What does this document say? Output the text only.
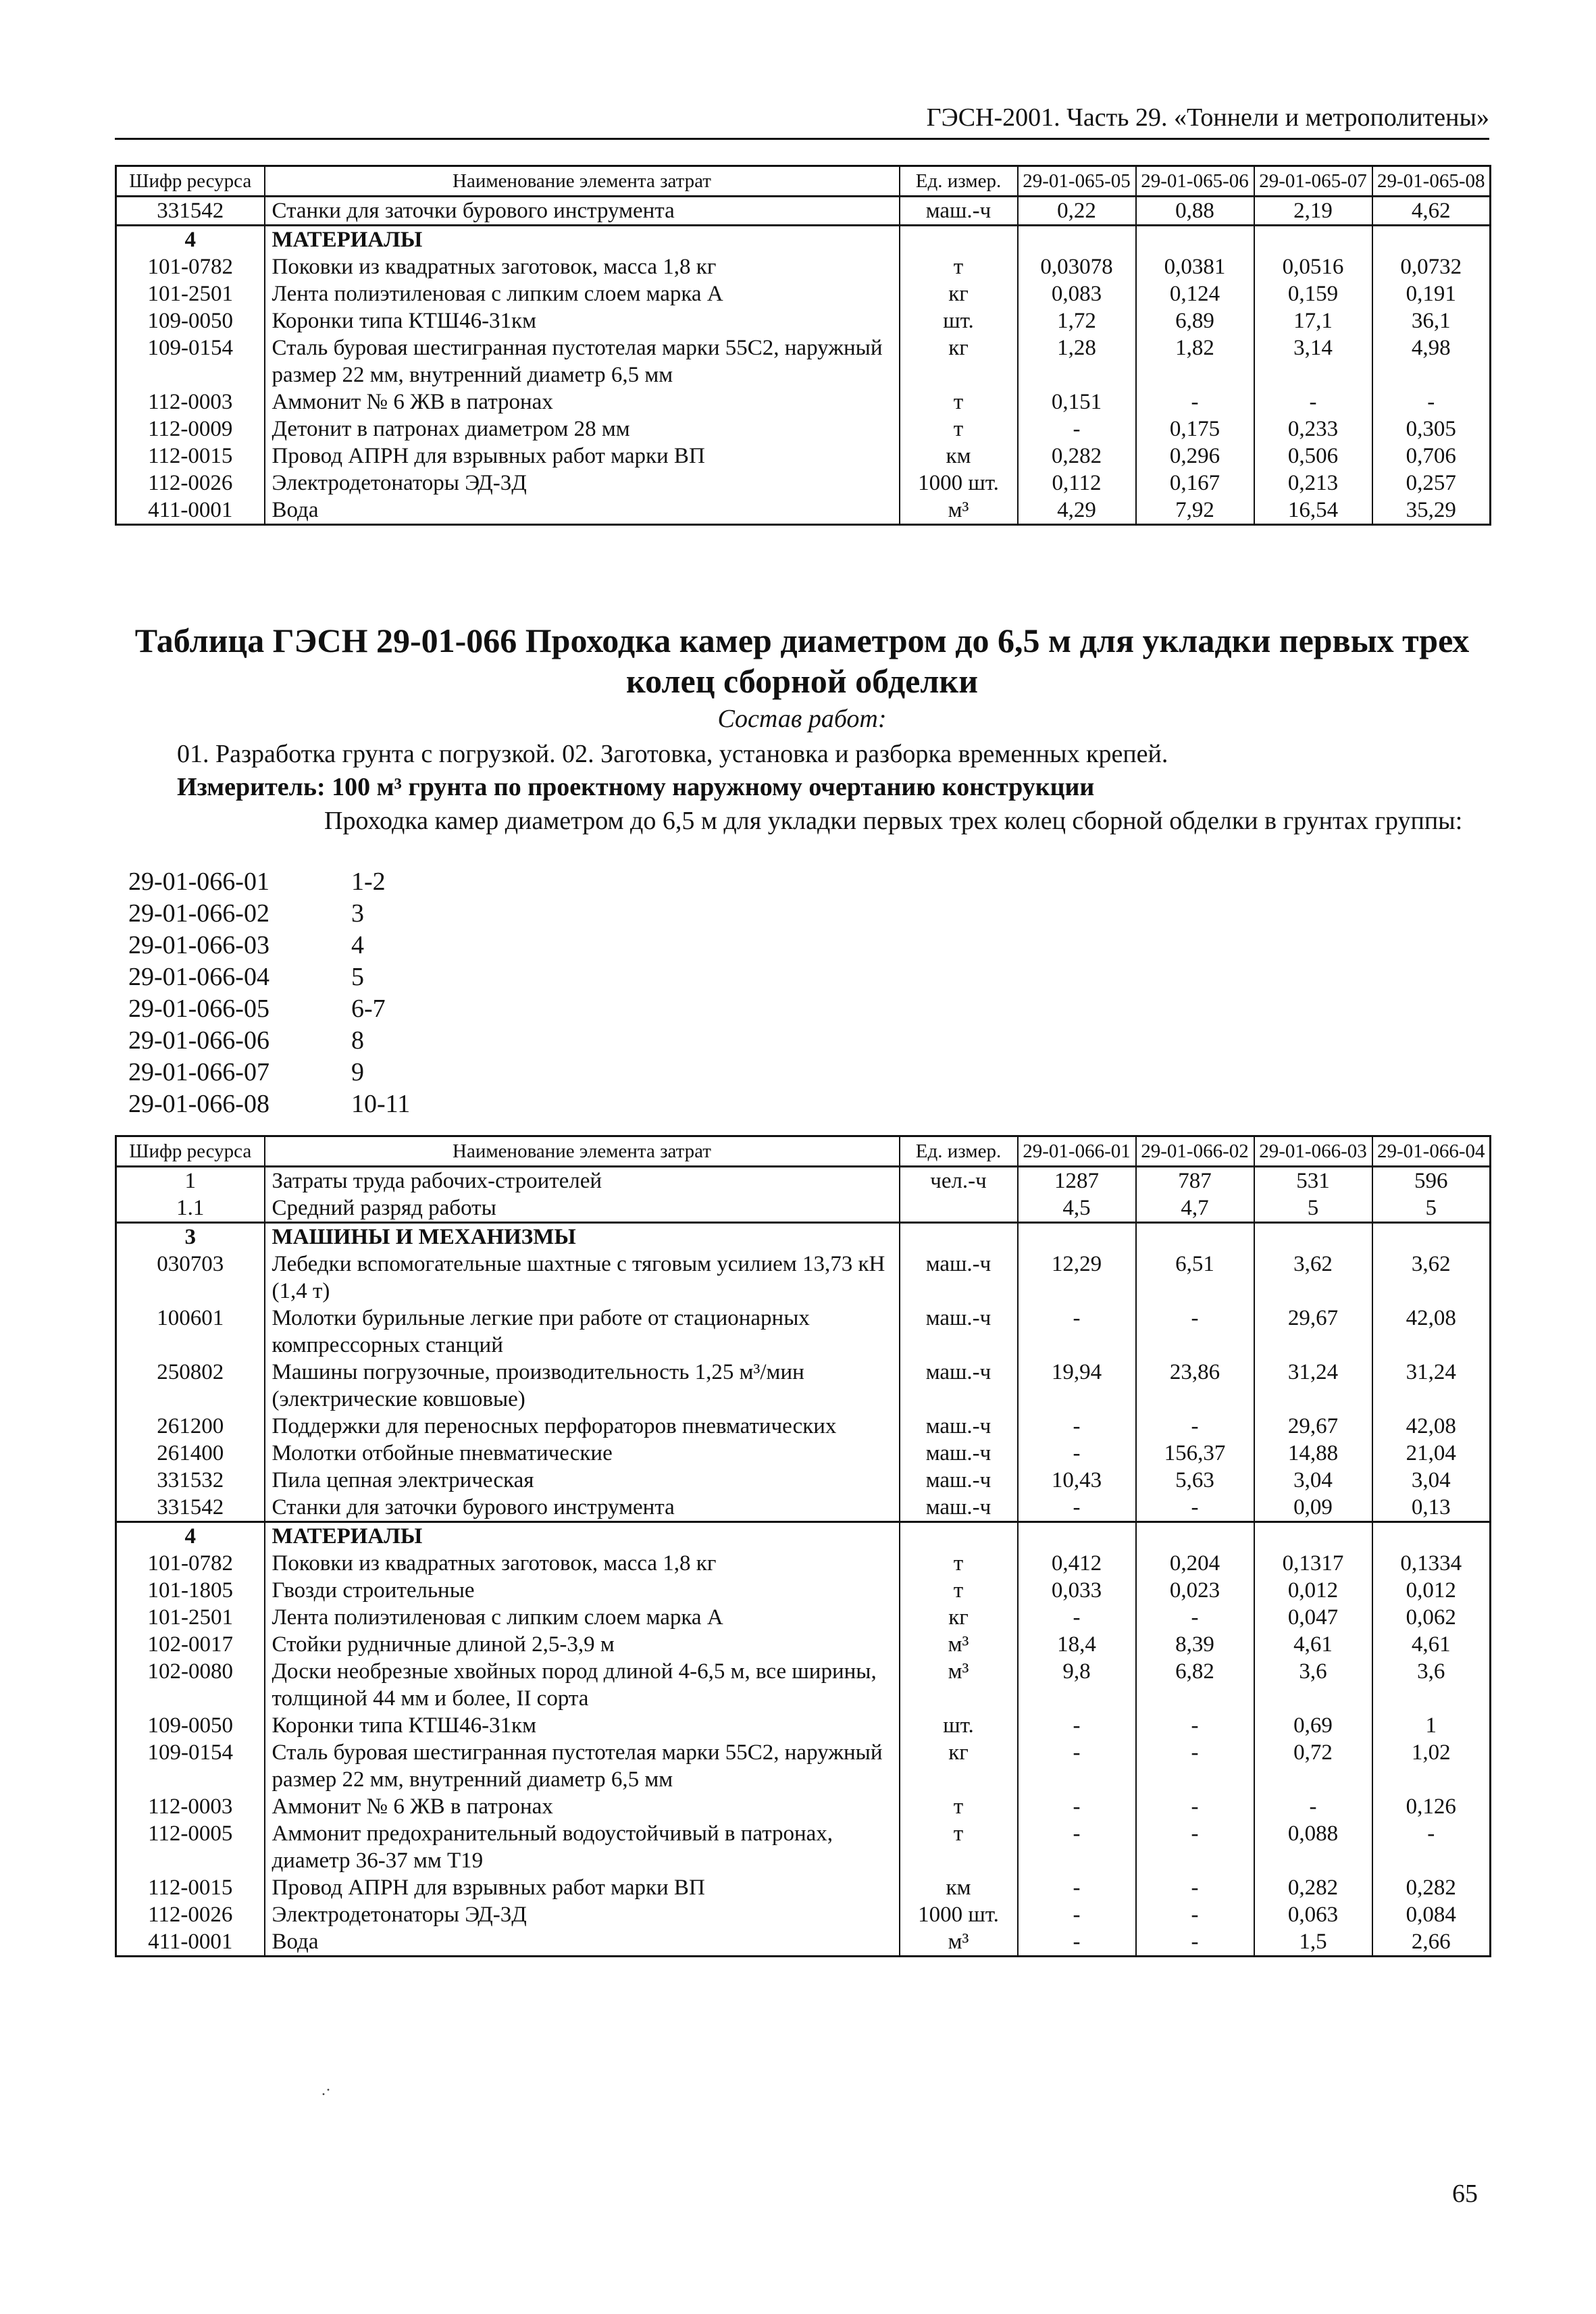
ГЭСН-2001. Часть 29. «Тоннели и метрополитены»
Шифр ресурса	Наименование элемента затрат	Ед. измер.	29-01-065-05	29-01-065-06	29-01-065-07	29-01-065-08
331542	Станки для заточки бурового инструмента	маш.-ч	0,22	0,88	2,19	4,62
4	МАТЕРИАЛЫ					
101-0782	Поковки из квадратных заготовок, масса 1,8 кг	т	0,03078	0,0381	0,0516	0,0732
101-2501	Лента полиэтиленовая с липким слоем марка А	кг	0,083	0,124	0,159	0,191
109-0050	Коронки типа КТШ46-31км	шт.	1,72	6,89	17,1	36,1
109-0154	Сталь буровая шестигранная пустотелая марки 55С2, наружный размер 22 мм, внутренний диаметр 6,5 мм	кг	1,28	1,82	3,14	4,98
112-0003	Аммонит № 6 ЖВ в патронах	т	0,151	-	-	-
112-0009	Детонит в патронах диаметром 28 мм	т	-	0,175	0,233	0,305
112-0015	Провод АПРН для взрывных работ марки ВП	км	0,282	0,296	0,506	0,706
112-0026	Электродетонаторы ЭД-3Д	1000 шт.	0,112	0,167	0,213	0,257
411-0001	Вода	м³	4,29	7,92	16,54	35,29
Таблица ГЭСН 29-01-066 Проходка камер диаметром до 6,5 м для укладки первых трех колец сборной обделки
Состав работ:
01. Разработка грунта с погрузкой. 02. Заготовка, установка и разборка временных крепей.
Измеритель: 100 м³ грунта по проектному наружному очертанию конструкции
Проходка камер диаметром до 6,5 м для укладки первых трех колец сборной обделки в грунтах группы:
29-01-066-01	1-2
29-01-066-02	3
29-01-066-03	4
29-01-066-04	5
29-01-066-05	6-7
29-01-066-06	8
29-01-066-07	9
29-01-066-08	10-11
Шифр ресурса	Наименование элемента затрат	Ед. измер.	29-01-066-01	29-01-066-02	29-01-066-03	29-01-066-04
1	Затраты труда рабочих-строителей	чел.-ч	1287	787	531	596
1.1	Средний разряд работы		4,5	4,7	5	5
3	МАШИНЫ И МЕХАНИЗМЫ					
030703	Лебедки вспомогательные шахтные с тяговым усилием 13,73 кН (1,4 т)	маш.-ч	12,29	6,51	3,62	3,62
100601	Молотки бурильные легкие при работе от стационарных компрессорных станций	маш.-ч	-	-	29,67	42,08
250802	Машины погрузочные, производительность 1,25 м³/мин (электрические ковшовые)	маш.-ч	19,94	23,86	31,24	31,24
261200	Поддержки для переносных перфораторов пневматических	маш.-ч	-	-	29,67	42,08
261400	Молотки отбойные пневматические	маш.-ч	-	156,37	14,88	21,04
331532	Пила цепная электрическая	маш.-ч	10,43	5,63	3,04	3,04
331542	Станки для заточки бурового инструмента	маш.-ч	-	-	0,09	0,13
4	МАТЕРИАЛЫ					
101-0782	Поковки из квадратных заготовок, масса 1,8 кг	т	0,412	0,204	0,1317	0,1334
101-1805	Гвозди строительные	т	0,033	0,023	0,012	0,012
101-2501	Лента полиэтиленовая с липким слоем марка А	кг	-	-	0,047	0,062
102-0017	Стойки рудничные длиной 2,5-3,9 м	м³	18,4	8,39	4,61	4,61
102-0080	Доски необрезные хвойных пород длиной 4-6,5 м, все ширины, толщиной 44 мм и более, II сорта	м³	9,8	6,82	3,6	3,6
109-0050	Коронки типа КТШ46-31км	шт.	-	-	0,69	1
109-0154	Сталь буровая шестигранная пустотелая марки 55С2, наружный размер 22 мм, внутренний диаметр 6,5 мм	кг	-	-	0,72	1,02
112-0003	Аммонит № 6 ЖВ в патронах	т	-	-	-	0,126
112-0005	Аммонит предохранительный водоустойчивый в патронах, диаметр 36-37 мм Т19	т	-	-	0,088	-
112-0015	Провод АПРН для взрывных работ марки ВП	км	-	-	0,282	0,282
112-0026	Электродетонаторы ЭД-3Д	1000 шт.	-	-	0,063	0,084
411-0001	Вода	м³	-	-	1,5	2,66
.·
65
